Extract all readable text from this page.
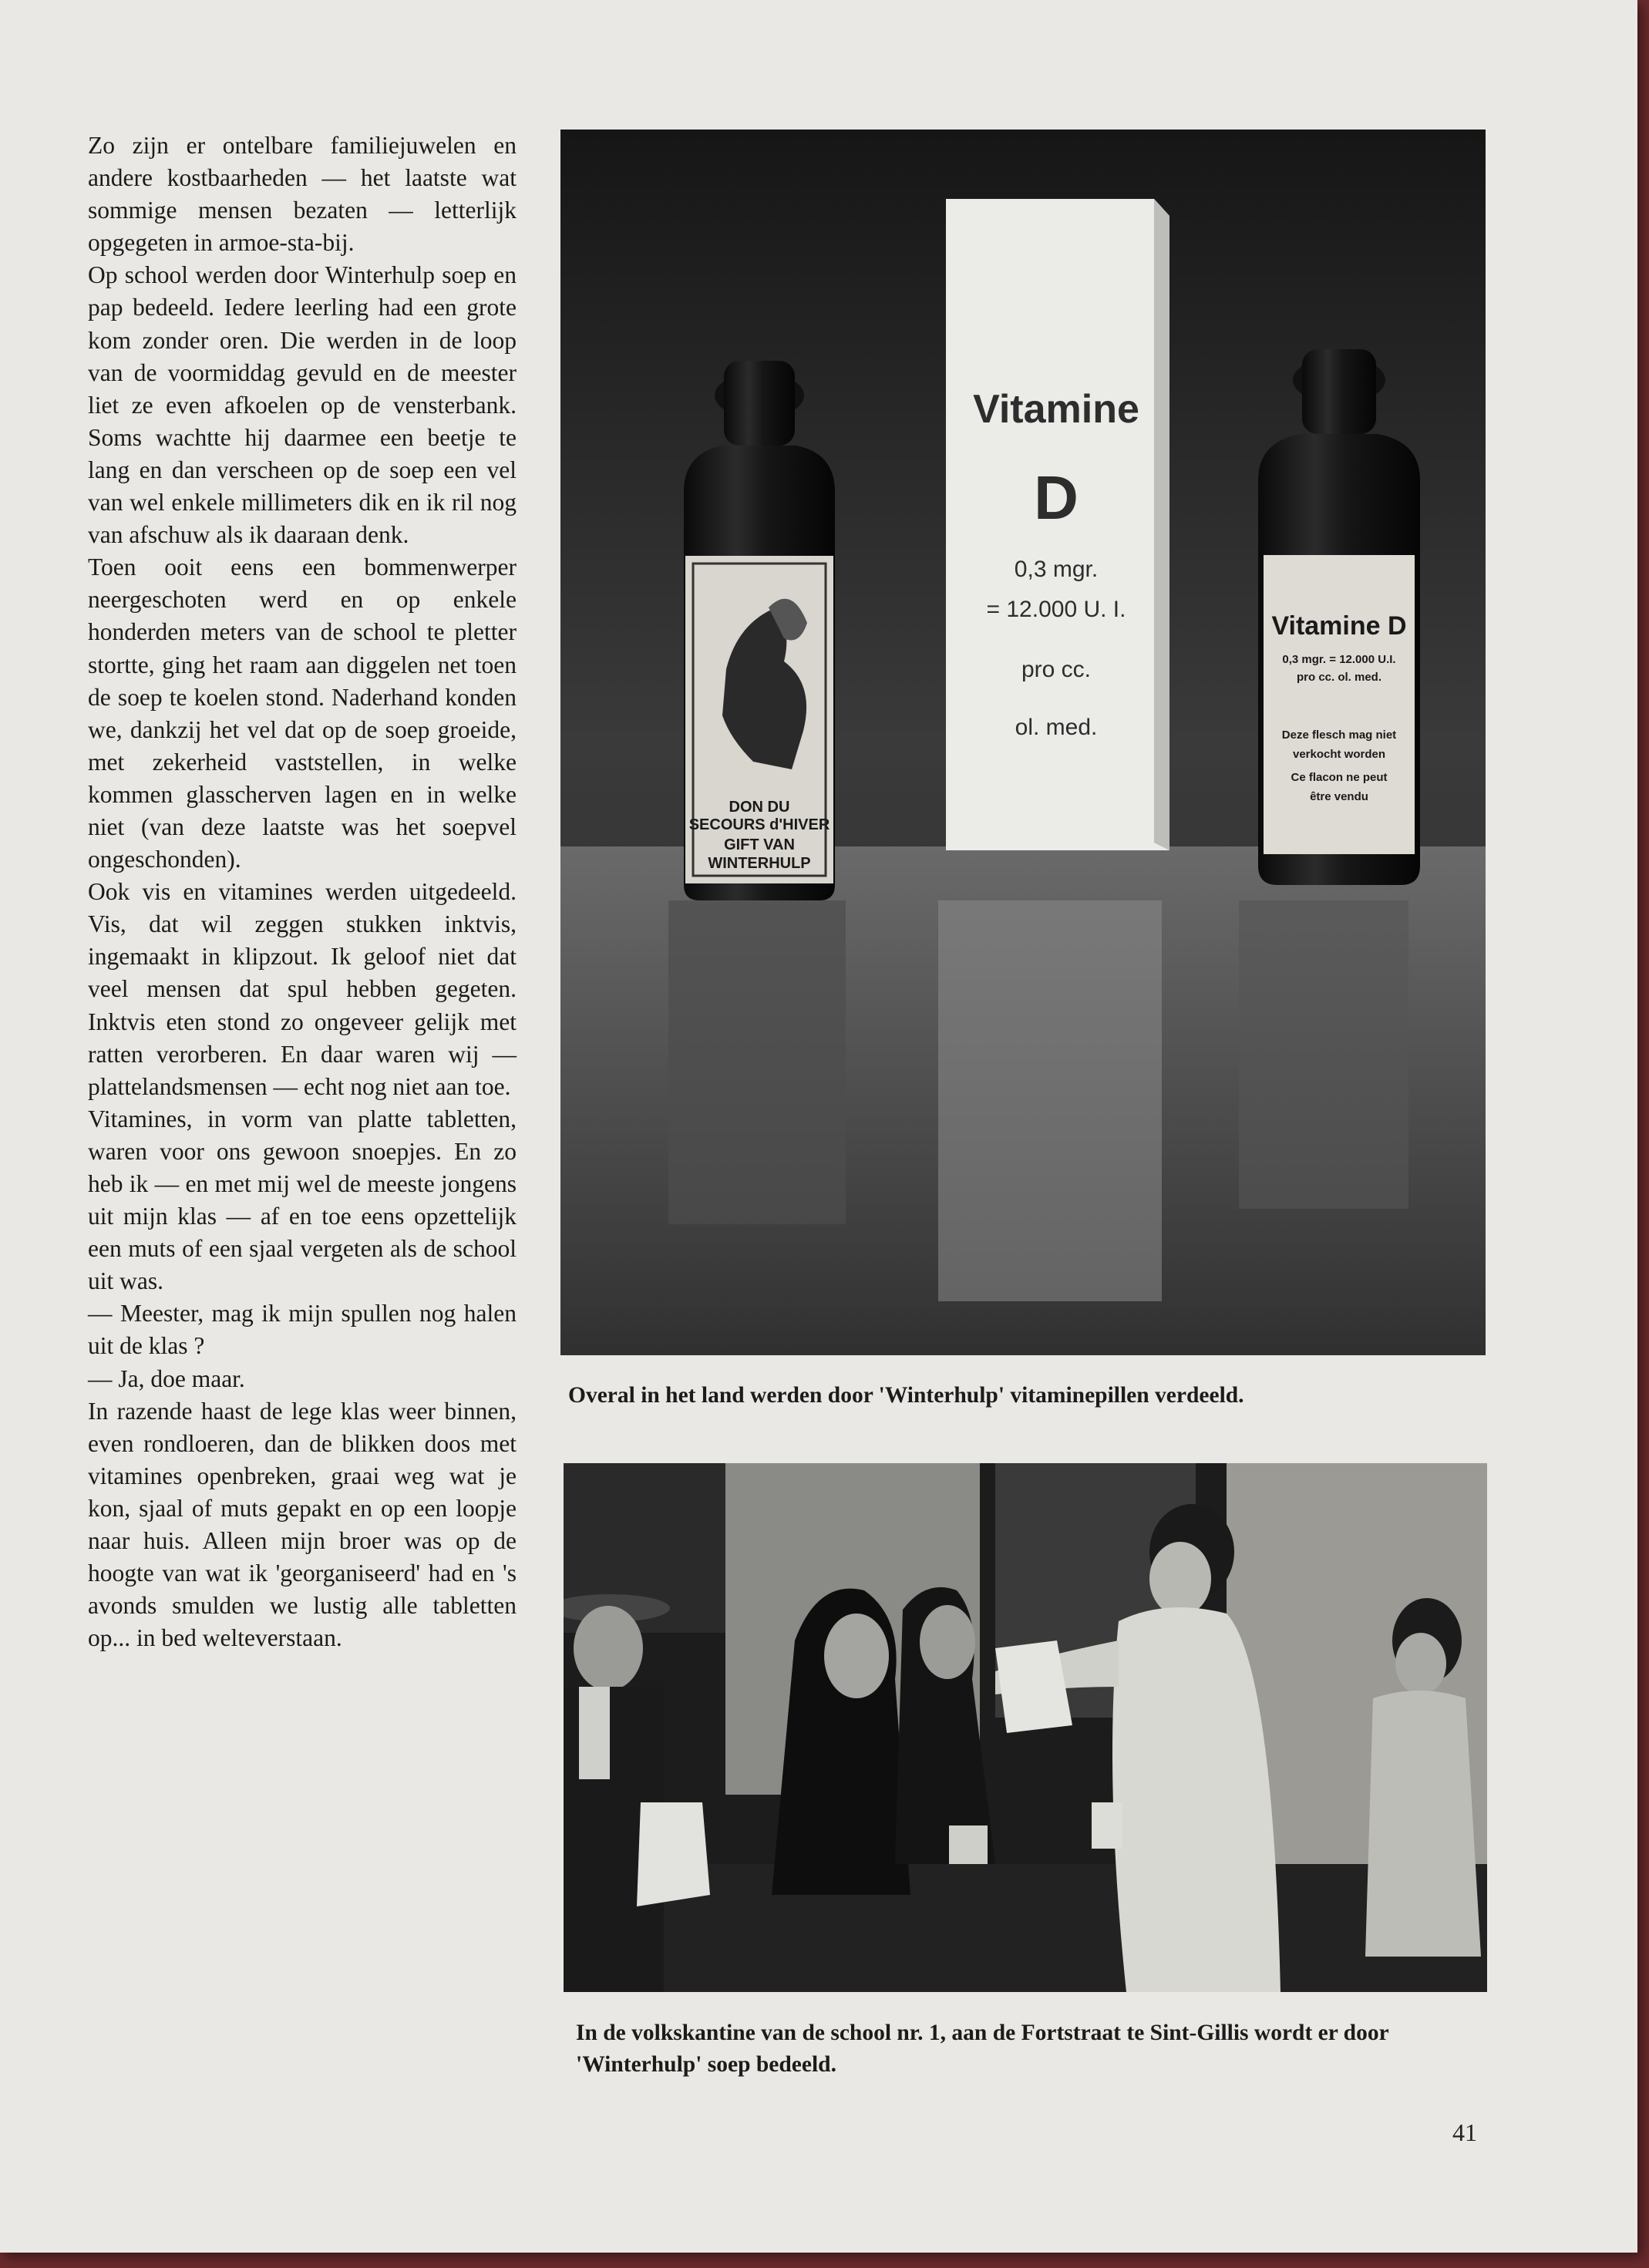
Zo zijn er ontelbare familiejuwelen en andere kostbaarheden — het laatste wat sommige mensen bezaten — letterlijk opgegeten in armoe-sta-bij.

Op school werden door Winterhulp soep en pap bedeeld. Iedere leerling had een grote kom zonder oren. Die werden in de loop van de voormiddag gevuld en de meester liet ze even afkoelen op de vensterbank. Soms wachtte hij daarmee een beetje te lang en dan verscheen op de soep een vel van wel enkele millimeters dik en ik ril nog van afschuw als ik daaraan denk.

Toen ooit eens een bommenwerper neergeschoten werd en op enkele honderden meters van de school te pletter stortte, ging het raam aan diggelen net toen de soep te koelen stond. Naderhand konden we, dankzij het vel dat op de soep groeide, met zekerheid vaststellen, in welke kommen glasscherven lagen en in welke niet (van deze laatste was het soepvel ongeschonden).

Ook vis en vitamines werden uitgedeeld. Vis, dat wil zeggen stukken inktvis, ingemaakt in klipzout. Ik geloof niet dat veel mensen dat spul hebben gegeten. Inktvis eten stond zo ongeveer gelijk met ratten verorberen. En daar waren wij — plattelandsmensen — echt nog niet aan toe.

Vitamines, in vorm van platte tabletten, waren voor ons gewoon snoepjes. En zo heb ik — en met mij wel de meeste jongens uit mijn klas — af en toe eens opzettelijk een muts of een sjaal vergeten als de school uit was.

— Meester, mag ik mijn spullen nog halen uit de klas ?

— Ja, doe maar.

In razende haast de lege klas weer binnen, even rondloeren, dan de blikken doos met vitamines openbreken, graai weg wat je kon, sjaal of muts gepakt en op een loopje naar huis. Alleen mijn broer was op de hoogte van wat ik 'georganiseerd' had en 's avonds smulden we lustig alle tabletten op... in bed welteverstaan.

DON DU
SECOURS d'HIVER
GIFT VAN
WINTERHULP
Vitamine
D
0,3 mgr.
= 12.000 U. I.
pro cc.
ol. med.
Vitamine D
0,3 mgr. = 12.000 U.I.
pro cc. ol. med.
Deze flesch mag niet
verkocht worden
Ce flacon ne peut
être vendu
Overal in het land werden door 'Winterhulp' vitaminepillen verdeeld.
In de volkskantine van de school nr. 1, aan de Fortstraat te Sint-Gillis wordt er door 'Winterhulp' soep bedeeld.
41
